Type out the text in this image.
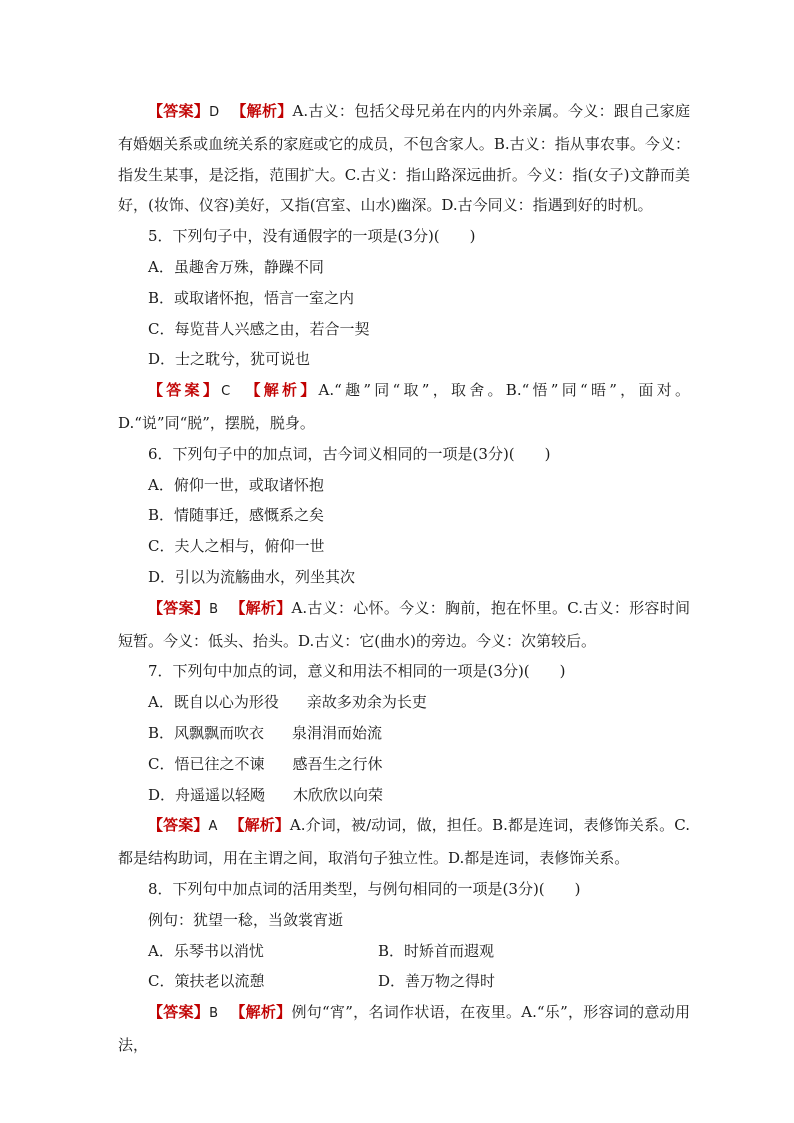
【答案】D 【解析】A.古义：包括父母兄弟在内的内外亲属。今义：跟自己家庭有婚姻关系或血统关系的家庭或它的成员，不包含家人。B.古义：指从事农事。今义：指发生某事，是泛指，范围扩大。C.古义：指山路深远曲折。今义：指(女子)文静而美好，(妆饰、仪容)美好，又指(宫室、山水)幽深。D.古今同义：指遇到好的时机。

5．下列句子中，没有通假字的一项是(3分)(　　)

A．虽趣舍万殊，静躁不同

B．或取诸怀抱，悟言一室之内

C．每览昔人兴感之由，若合一契

D．士之耽兮，犹可说也

【答案】C 【解析】A.“趣”同“取”，取舍。B.“悟”同“晤”，面对。D.“说”同“脱”，摆脱，脱身。

6．下列句子中的加点词，古今词义相同的一项是(3分)(　　)

A．俯仰一世，或取诸怀抱

B．情随事迁，感慨系之矣

C．夫人之相与，俯仰一世

D．引以为流觞曲水，列坐其次

【答案】B 【解析】A.古义：心怀。今义：胸前，抱在怀里。C.古义：形容时间短暂。今义：低头、抬头。D.古义：它(曲水)的旁边。今义：次第较后。

7．下列句中加点的词，意义和用法不相同的一项是(3分)(　　)

A．既自以心为形役 亲故多劝余为长吏

B．风飘飘而吹衣 泉涓涓而始流

C．悟已往之不谏 感吾生之行休

D．舟遥遥以轻飏 木欣欣以向荣

【答案】A 【解析】A.介词，被/动词，做，担任。B.都是连词，表修饰关系。C.都是结构助词，用在主谓之间，取消句子独立性。D.都是连词，表修饰关系。

8．下列句中加点词的活用类型，与例句相同的一项是(3分)(　　)

例句：犹望一稔，当敛裳宵逝

A．乐琴书以消忧	B．时矫首而遐观
C．策扶老以流憩	D．善万物之得时

【答案】B 【解析】例句“宵”，名词作状语，在夜里。A.“乐”，形容词的意动用法，
